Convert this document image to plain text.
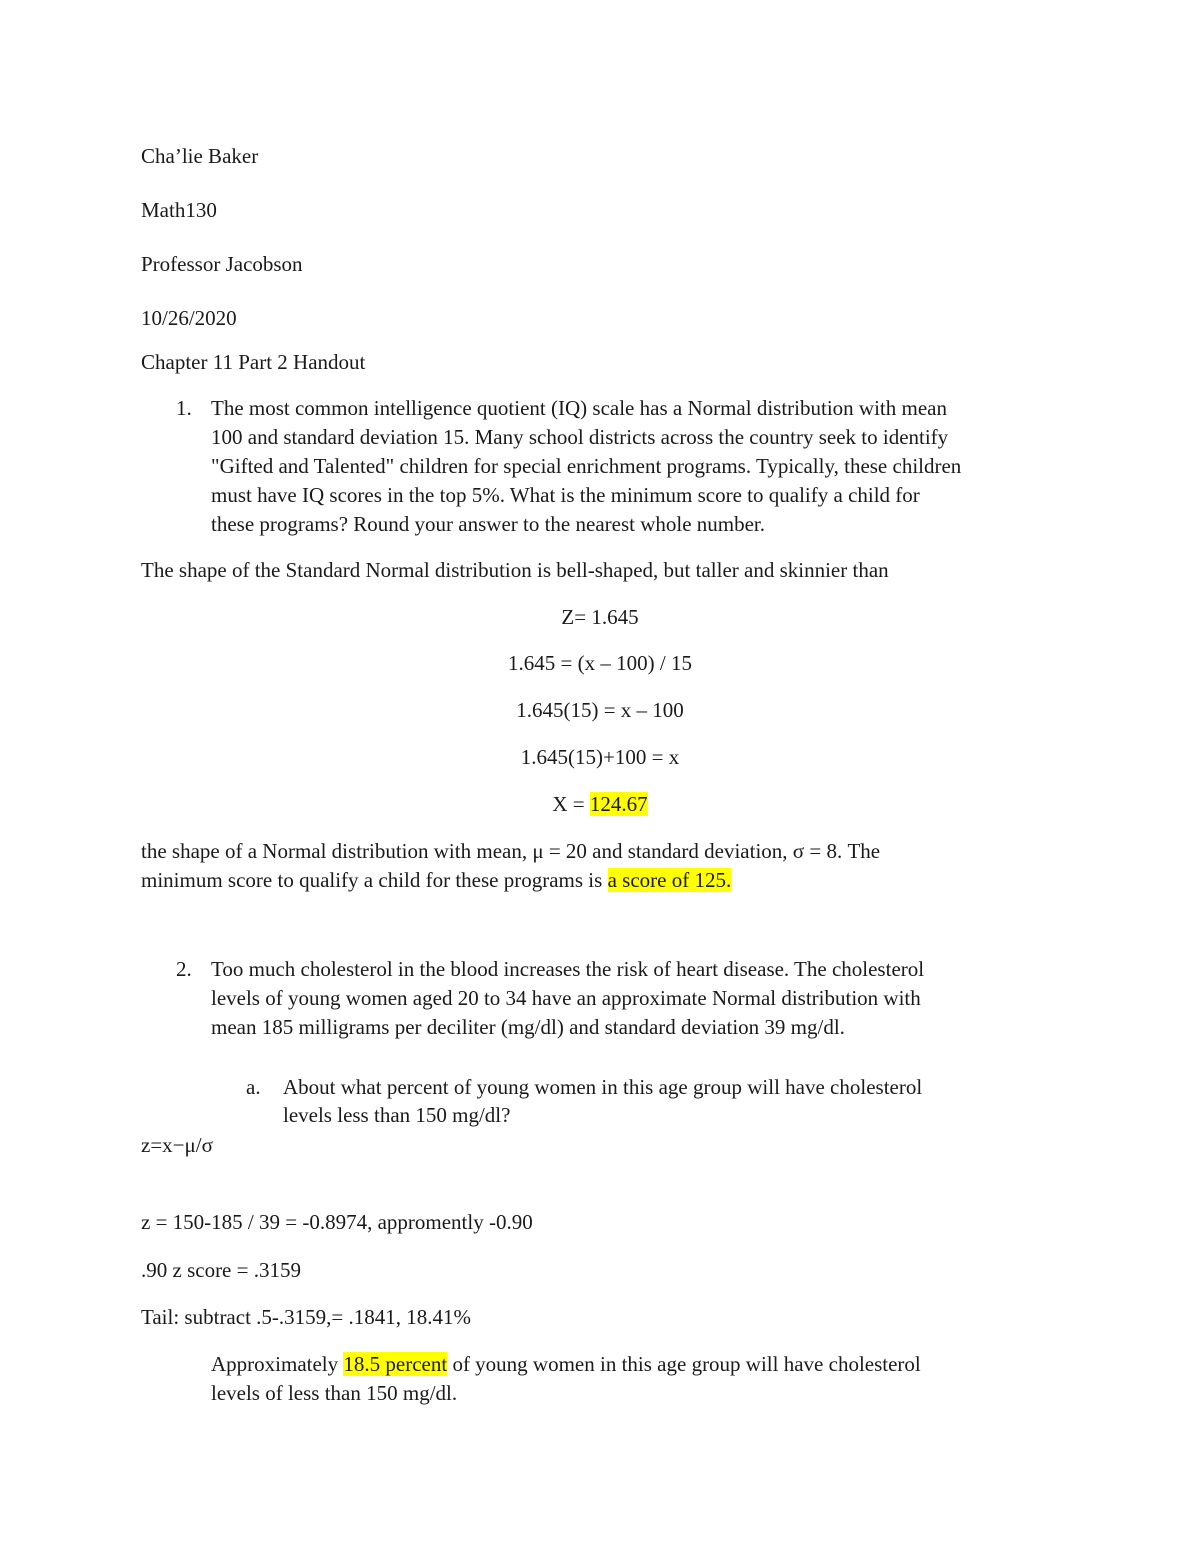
Cha’lie Baker
Math130
Professor Jacobson
10/26/2020
Chapter 11 Part 2 Handout
1. The most common intelligence quotient (IQ) scale has a Normal distribution with mean
100 and standard deviation 15. Many school districts across the country seek to identify
"Gifted and Talented" children for special enrichment programs. Typically, these children
must have IQ scores in the top 5%. What is the minimum score to qualify a child for
these programs? Round your answer to the nearest whole number.
The shape of the Standard Normal distribution is bell-shaped, but taller and skinnier than
Z= 1.645
1.645 = (x – 100) / 15
1.645(15) = x – 100
1.645(15)+100 = x
X = 124.67
the shape of a Normal distribution with mean, μ = 20 and standard deviation, σ = 8. The
minimum score to qualify a child for these programs is a score of 125.
2. Too much cholesterol in the blood increases the risk of heart disease. The cholesterol
levels of young women aged 20 to 34 have an approximate Normal distribution with
mean 185 milligrams per deciliter (mg/dl) and standard deviation 39 mg/dl.
a. About what percent of young women in this age group will have cholesterol
levels less than 150 mg/dl?
z=x−μ/σ
z = 150-185 / 39 = -0.8974, appromently -0.90
.90 z score = .3159
Tail: subtract .5-.3159,= .1841, 18.41%
Approximately 18.5 percent of young women in this age group will have cholesterol
levels of less than 150 mg/dl.
